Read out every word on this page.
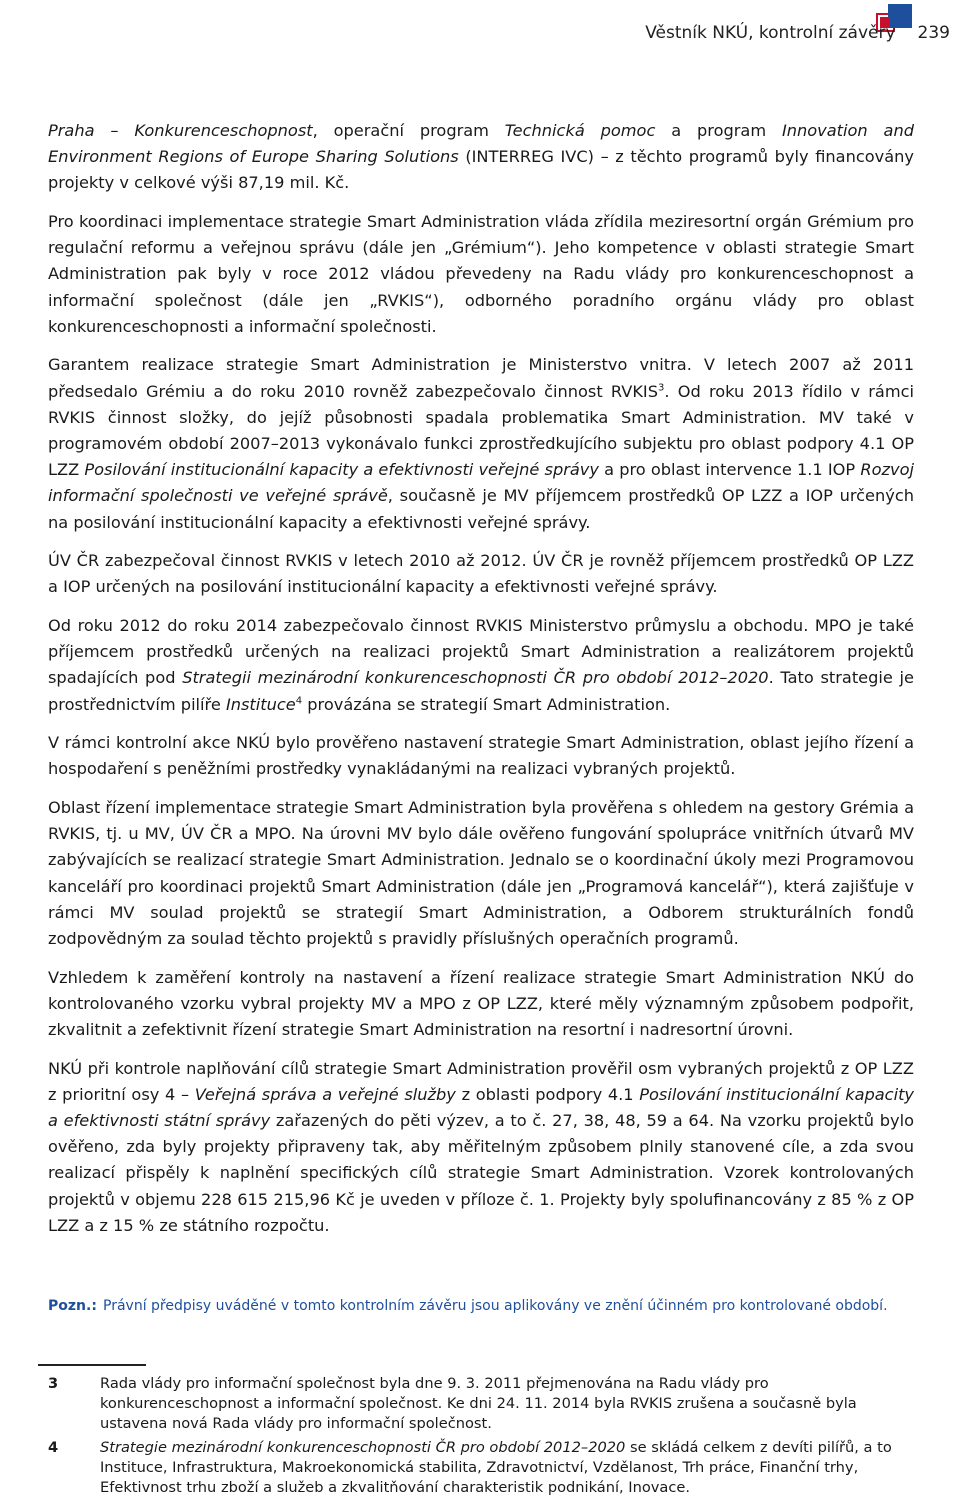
Věstník NKÚ, kontrolní závěry 239

Praha – Konkurenceschopnost, operační program Technická pomoc a program Innovation and Environment Regions of Europe Sharing Solutions (INTERREG IVC) – z těchto programů byly financovány projekty v celkové výši 87,19 mil. Kč.

Pro koordinaci implementace strategie Smart Administration vláda zřídila meziresortní orgán Grémium pro regulační reformu a veřejnou správu (dále jen „Grémium“). Jeho kompetence v oblasti strategie Smart Administration pak byly v roce 2012 vládou převedeny na Radu vlády pro konkurenceschopnost a informační společnost (dále jen „RVKIS“), odborného poradního orgánu vlády pro oblast konkurenceschopnosti a informační společnosti.

Garantem realizace strategie Smart Administration je Ministerstvo vnitra. V letech 2007 až 2011 předsedalo Grémiu a do roku 2010 rovněž zabezpečovalo činnost RVKIS$^3$. Od roku 2013 řídilo v rámci RVKIS činnost složky, do jejíž působnosti spadala problematika Smart Administration. MV také v programovém období 2007–2013 vykonávalo funkci zprostředkujícího subjektu pro oblast podpory 4.1 OP LZZ Posilování institucionální kapacity a efektivnosti veřejné správy a pro oblast intervence 1.1 IOP Rozvoj informační společnosti ve veřejné správě, současně je MV příjemcem prostředků OP LZZ a IOP určených na posilování institucionální kapacity a efektivnosti veřejné správy.

ÚV ČR zabezpečoval činnost RVKIS v letech 2010 až 2012. ÚV ČR je rovněž příjemcem prostředků OP LZZ a IOP určených na posilování institucionální kapacity a efektivnosti veřejné správy.

Od roku 2012 do roku 2014 zabezpečovalo činnost RVKIS Ministerstvo průmyslu a obchodu. MPO je také příjemcem prostředků určených na realizaci projektů Smart Administration a realizátorem projektů spadajících pod Strategii mezinárodní konkurenceschopnosti ČR pro období 2012–2020. Tato strategie je prostřednictvím pilíře Instituce$^4$ provázána se strategií Smart Administration.

V rámci kontrolní akce NKÚ bylo prověřeno nastavení strategie Smart Administration, oblast jejího řízení a hospodaření s peněžními prostředky vynakládanými na realizaci vybraných projektů.

Oblast řízení implementace strategie Smart Administration byla prověřena s ohledem na gestory Grémia a RVKIS, tj. u MV, ÚV ČR a MPO. Na úrovni MV bylo dále ověřeno fungování spolupráce vnitřních útvarů MV zabývajících se realizací strategie Smart Administration. Jednalo se o koordinační úkoly mezi Programovou kanceláří pro koordinaci projektů Smart Administration (dále jen „Programová kancelář“), která zajišťuje v rámci MV soulad projektů se strategií Smart Administration, a Odborem strukturálních fondů zodpovědným za soulad těchto projektů s pravidly příslušných operačních programů.

Vzhledem k zaměření kontroly na nastavení a řízení realizace strategie Smart Administration NKÚ do kontrolovaného vzorku vybral projekty MV a MPO z OP LZZ, které měly významným způsobem podpořit, zkvalitnit a zefektivnit řízení strategie Smart Administration na resortní i nadresortní úrovni.

NKÚ při kontrole naplňování cílů strategie Smart Administration prověřil osm vybraných projektů z OP LZZ z prioritní osy 4 – Veřejná správa a veřejné služby z oblasti podpory 4.1 Posilování institucionální kapacity a efektivnosti státní správy zařazených do pěti výzev, a to č. 27, 38, 48, 59 a 64. Na vzorku projektů bylo ověřeno, zda byly projekty připraveny tak, aby měřitelným způsobem plnily stanovené cíle, a zda svou realizací přispěly k naplnění specifických cílů strategie Smart Administration. Vzorek kontrolovaných projektů v objemu 228 615 215,96 Kč je uveden v příloze č. 1. Projekty byly spolufinancovány z 85 % z OP LZZ a z 15 % ze státního rozpočtu.

Pozn.: Právní předpisy uváděné v tomto kontrolním závěru jsou aplikovány ve znění účinném pro kontrolované období.
3	Rada vlády pro informační společnost byla dne 9. 3. 2011 přejmenována na Radu vlády pro konkurenceschopnost a informační společnost. Ke dni 24. 11. 2014 byla RVKIS zrušena a současně byla ustavena nová Rada vlády pro informační společnost.
4	Strategie mezinárodní konkurenceschopnosti ČR pro období 2012–2020 se skládá celkem z devíti pilířů, a to Instituce, Infrastruktura, Makroekonomická stabilita, Zdravotnictví, Vzdělanost, Trh práce, Finanční trhy, Efektivnost trhu zboží a služeb a zkvalitňování charakteristik podnikání, Inovace.
